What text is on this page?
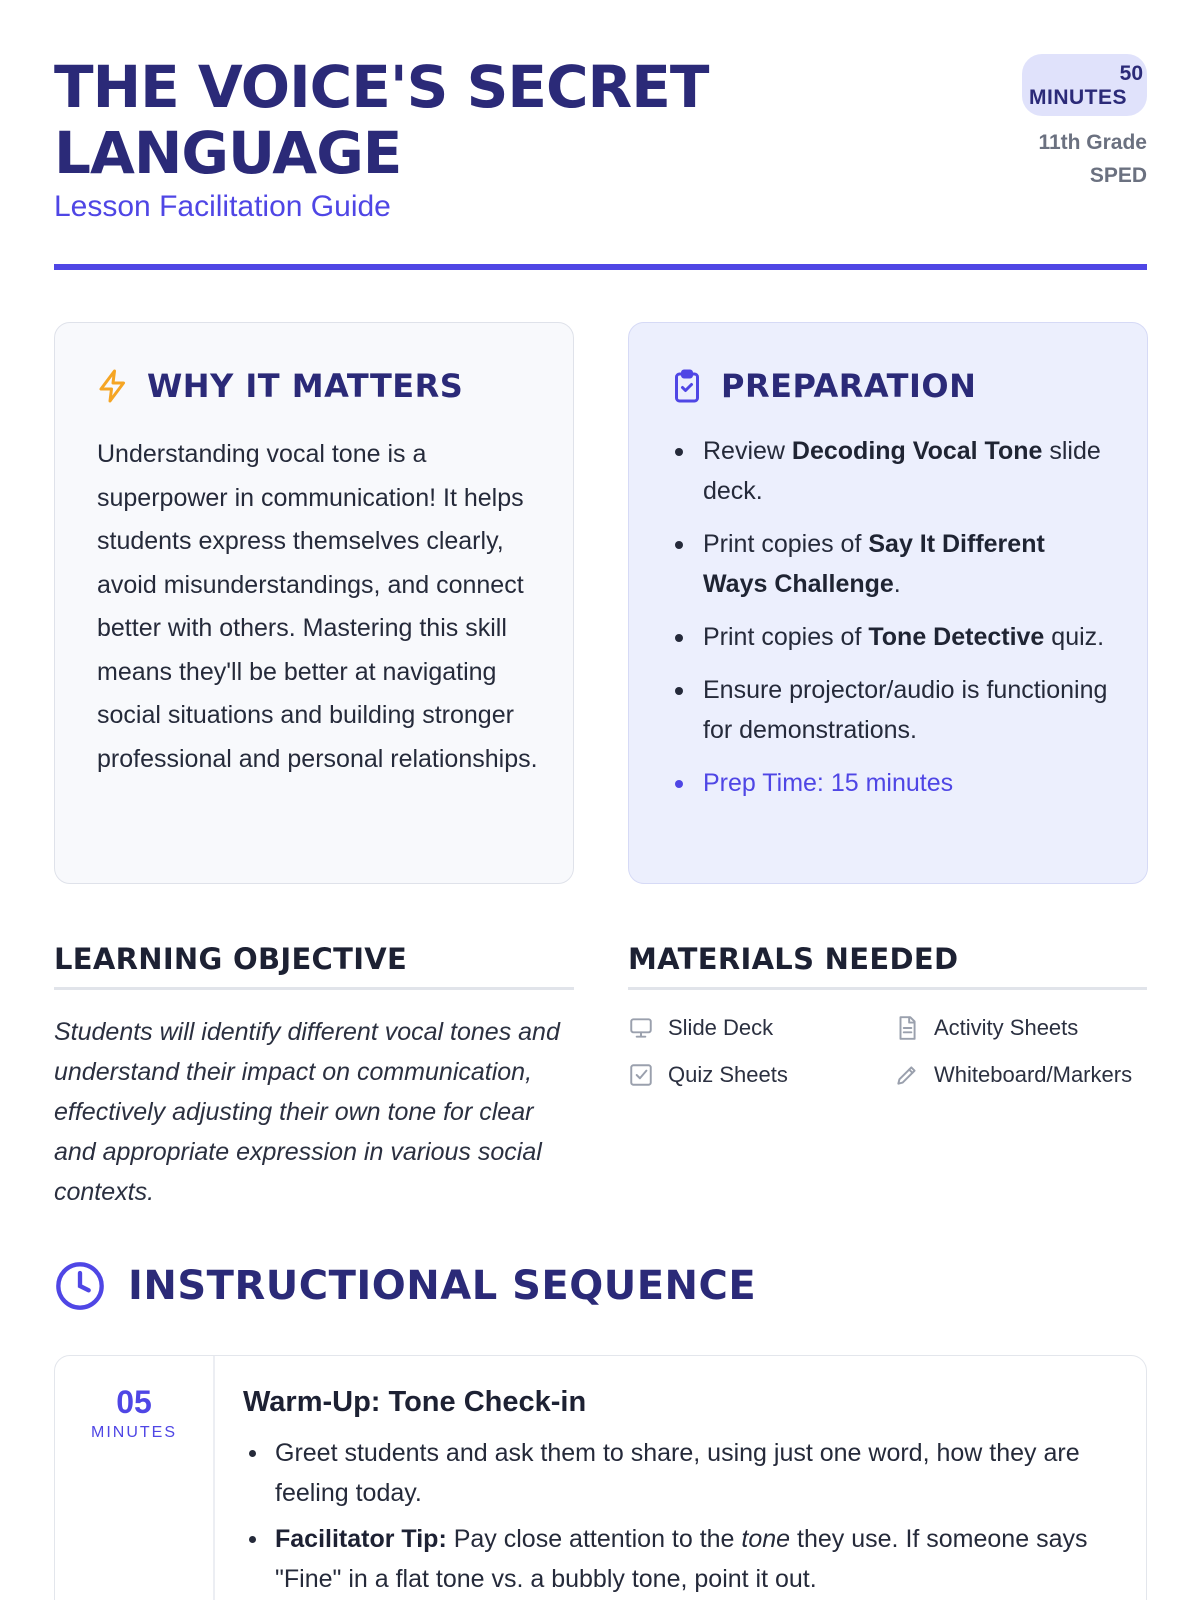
THE VOICE'S SECRET LANGUAGE
Lesson Facilitation Guide
50
MINUTES
11th Grade
SPED
WHY IT MATTERS

Understanding vocal tone is a superpower in communication! It helps students express themselves clearly, avoid misunderstandings, and connect better with others. Mastering this skill means they'll be better at navigating social situations and building stronger professional and personal relationships.

PREPARATION
Review Decoding Vocal Tone slide deck.
Print copies of Say It Different Ways Challenge.
Print copies of Tone Detective quiz.
Ensure projector/audio is functioning for demonstrations.
Prep Time: 15 minutes
LEARNING OBJECTIVE

Students will identify different vocal tones and understand their impact on communication, effectively adjusting their own tone for clear and appropriate expression in various social contexts.

MATERIALS NEEDED
Slide Deck	Activity Sheets
Quiz Sheets	Whiteboard/Markers
INSTRUCTIONAL SEQUENCE
05
MINUTES
Warm-Up: Tone Check-in
Greet students and ask them to share, using just one word, how they are feeling today.
Facilitator Tip: Pay close attention to the tone they use. If someone says "Fine" in a flat tone vs. a bubbly tone, point it out.
